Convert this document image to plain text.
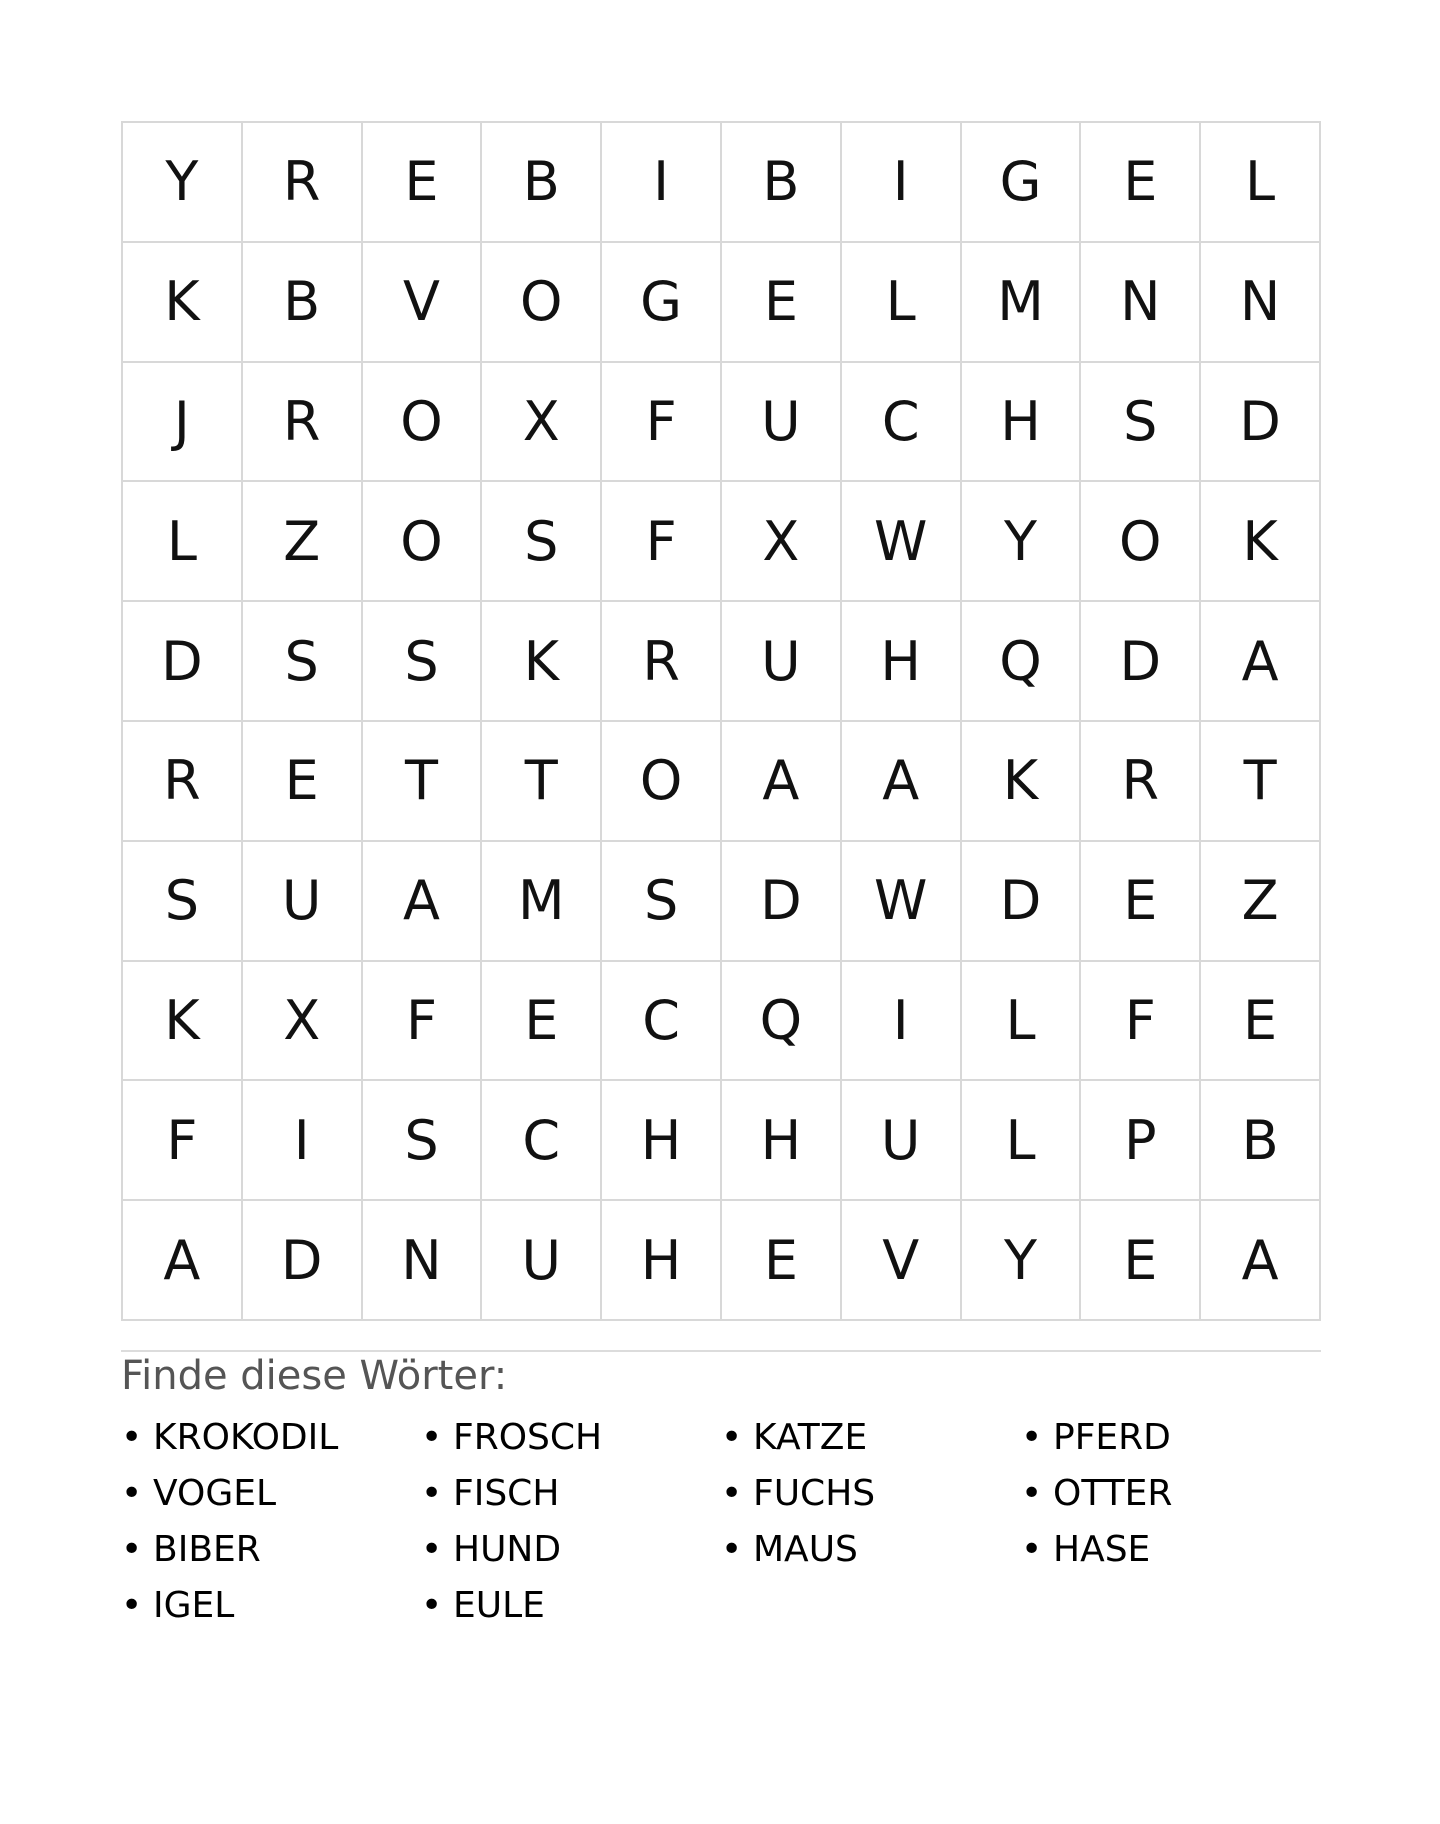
Y	R	E	B	I	B	I	G	E	L
K	B	V	O	G	E	L	M	N	N
J	R	O	X	F	U	C	H	S	D
L	Z	O	S	F	X	W	Y	O	K
D	S	S	K	R	U	H	Q	D	A
R	E	T	T	O	A	A	K	R	T
S	U	A	M	S	D	W	D	E	Z
K	X	F	E	C	Q	I	L	F	E
F	I	S	C	H	H	U	L	P	B
A	D	N	U	H	E	V	Y	E	A
Finde diese Wörter:
• KROKODIL	• FROSCH	• KATZE	• PFERD
• VOGEL	• FISCH	• FUCHS	• OTTER
• BIBER	• HUND	• MAUS	• HASE
• IGEL	• EULE
